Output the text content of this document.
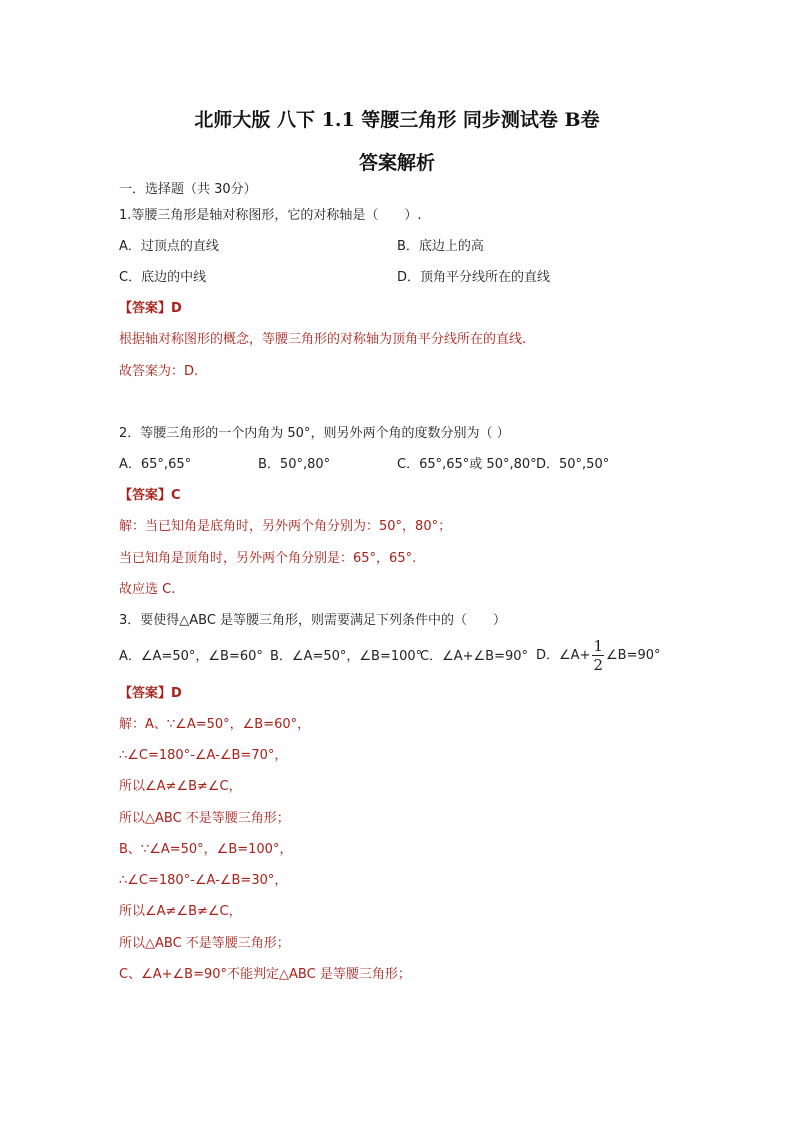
北师大版 八下 1.1 等腰三角形 同步测试卷 B卷
答案解析
一．选择题（共 30分）
1.等腰三角形是轴对称图形，它的对称轴是（　　）.
A．过顶点的直线	B．底边上的高
C．底边的中线	D．顶角平分线所在的直线
【答案】D
根据轴对称图形的概念，等腰三角形的对称轴为顶角平分线所在的直线.
故答案为：D.
2．等腰三角形的一个内角为 50°，则另外两个角的度数分别为（ ）
A．65°,65°	B．50°,80°	C．65°,65°或 50°,80° D．50°,50°
【答案】C
解：当已知角是底角时，另外两个角分别为：50°，80°；
当已知角是顶角时，另外两个角分别是：65°，65°.
故应选 C.
3．要使得△ABC 是等腰三角形，则需要满足下列条件中的（　　）
A．∠A=50°，∠B=60° B．∠A=50°，∠B=100°
C．∠A+∠B=90° D．∠A+ $\frac{1}{2}$ ∠B=90°
【答案】D
解：A、∵∠A=50°，∠B=60°，
∴∠C=180°-∠A-∠B=70°，
所以∠A≠∠B≠∠C，
所以△ABC 不是等腰三角形；
B、∵∠A=50°，∠B=100°，
∴∠C=180°-∠A-∠B=30°，
所以∠A≠∠B≠∠C，
所以△ABC 不是等腰三角形；
C、∠A+∠B=90°不能判定△ABC 是等腰三角形；
